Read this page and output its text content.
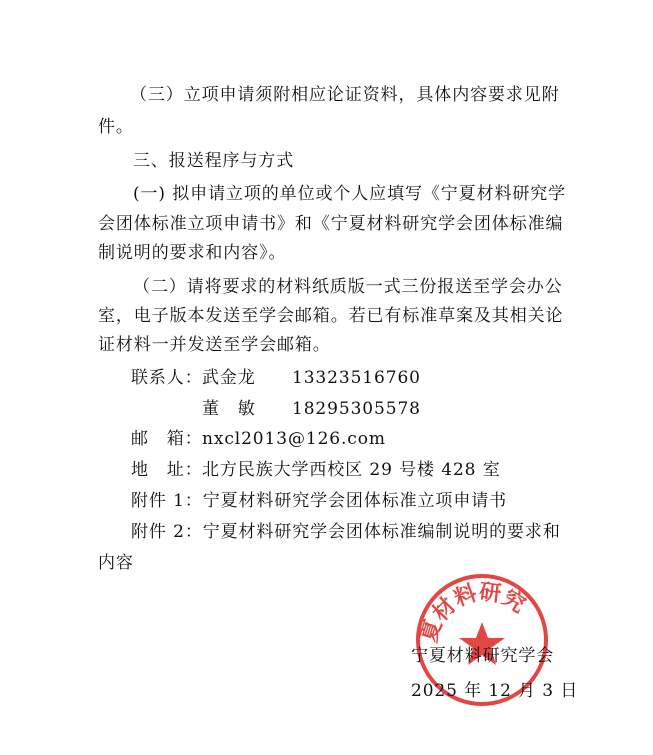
（三）立项申请须附相应论证资料，具体内容要求见附
件。
三、报送程序与方式
(一) 拟申请立项的单位或个人应填写《宁夏材料研究学
会团体标准立项申请书》和《宁夏材料研究学会团体标准编
制说明的要求和内容》。
（二）请将要求的材料纸质版一式三份报送至学会办公
室，电子版本发送至学会邮箱。若已有标准草案及其相关论
证材料一并发送至学会邮箱。
联系人： 武金龙 13323516760
董　敏 18295305578
邮　箱： nxcl2013@126.com
地　址： 北方民族大学西校区 29 号楼 428 室
附件 1：宁夏材料研究学会团体标准立项申请书
附件 2：宁夏材料研究学会团体标准编制说明的要求和
内容
夏材料研究
宁夏材料研究学会
2025 年 12 月 3 日
